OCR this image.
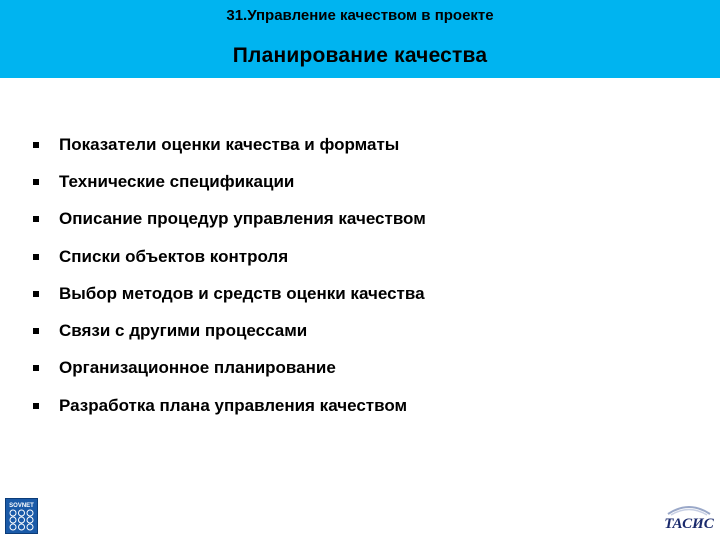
31.Управление качеством в проекте
Планирование качества
Показатели оценки качества и форматы
Технические спецификации
Описание процедур управления качеством
Списки объектов контроля
Выбор методов и средств оценки качества
Связи с другими процессами
Организационное планирование
Разработка плана управления качеством
SOVNET
ТАСИС
